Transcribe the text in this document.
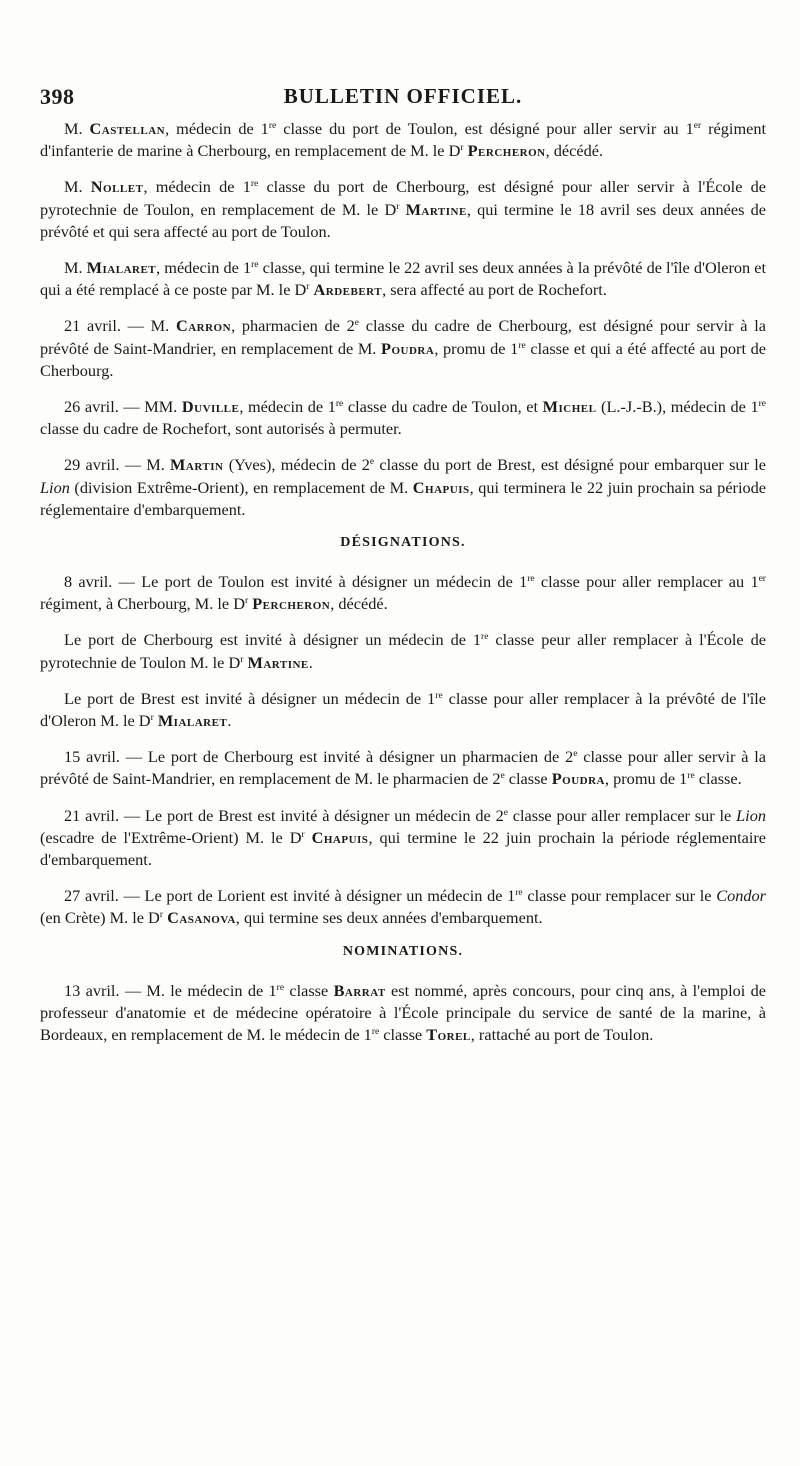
398	BULLETIN OFFICIEL.

M. Castellan, médecin de 1re classe du port de Toulon, est désigné pour aller servir au 1er régiment d'infanterie de marine à Cherbourg, en remplacement de M. le $D^r$ Percheron, décédé.

M. Nollet, médecin de 1re classe du port de Cherbourg, est désigné pour aller servir à l'École de pyrotechnie de Toulon, en remplacement de M. le $D^r$ Martine, qui termine le 18 avril ses deux années de prévôté et qui sera affecté au port de Toulon.

M. Mialaret, médecin de 1re classe, qui termine le 22 avril ses deux années à la prévôté de l'île d'Oleron et qui a été remplacé à ce poste par M. le $D^r$ Ardebert, sera affecté au port de Rochefort.

21 avril. — M. Carron, pharmacien de 2e classe du cadre de Cherbourg, est désigné pour servir à la prévôté de Saint-Mandrier, en remplacement de M. Poudra, promu de 1re classe et qui a été affecté au port de Cherbourg.

26 avril. — MM. Duville, médecin de 1re classe du cadre de Toulon, et Michel (L.-J.-B.), médecin de 1re classe du cadre de Rochefort, sont autorisés à permuter.

29 avril. — M. Martin (Yves), médecin de 2e classe du port de Brest, est désigné pour embarquer sur le Lion (division Extrême-Orient), en remplacement de M. Chapuis, qui terminera le 22 juin prochain sa période réglementaire d'embarquement.

DÉSIGNATIONS.

8 avril. — Le port de Toulon est invité à désigner un médecin de 1re classe pour aller remplacer au 1er régiment, à Cherbourg, M. le $D^r$ Percheron, décédé.

Le port de Cherbourg est invité à désigner un médecin de 1re classe peur aller remplacer à l'École de pyrotechnie de Toulon M. le $D^r$ Martine.

Le port de Brest est invité à désigner un médecin de 1re classe pour aller remplacer à la prévôté de l'île d'Oleron M. le $D^r$ Mialaret.

15 avril. — Le port de Cherbourg est invité à désigner un pharmacien de 2e classe pour aller servir à la prévôté de Saint-Mandrier, en remplacement de M. le pharmacien de 2e classe Poudra, promu de 1re classe.

21 avril. — Le port de Brest est invité à désigner un médecin de 2e classe pour aller remplacer sur le Lion (escadre de l'Extrême-Orient) M. le $D^r$ Chapuis, qui termine le 22 juin prochain la période réglementaire d'embarquement.

27 avril. — Le port de Lorient est invité à désigner un médecin de 1re classe pour remplacer sur le Condor (en Crète) M. le $D^r$ Casanova, qui termine ses deux années d'embarquement.

NOMINATIONS.

13 avril. — M. le médecin de 1re classe Barrat est nommé, après concours, pour cinq ans, à l'emploi de professeur d'anatomie et de médecine opératoire à l'École principale du service de santé de la marine, à Bordeaux, en remplacement de M. le médecin de 1re classe Torel, rattaché au port de Toulon.
